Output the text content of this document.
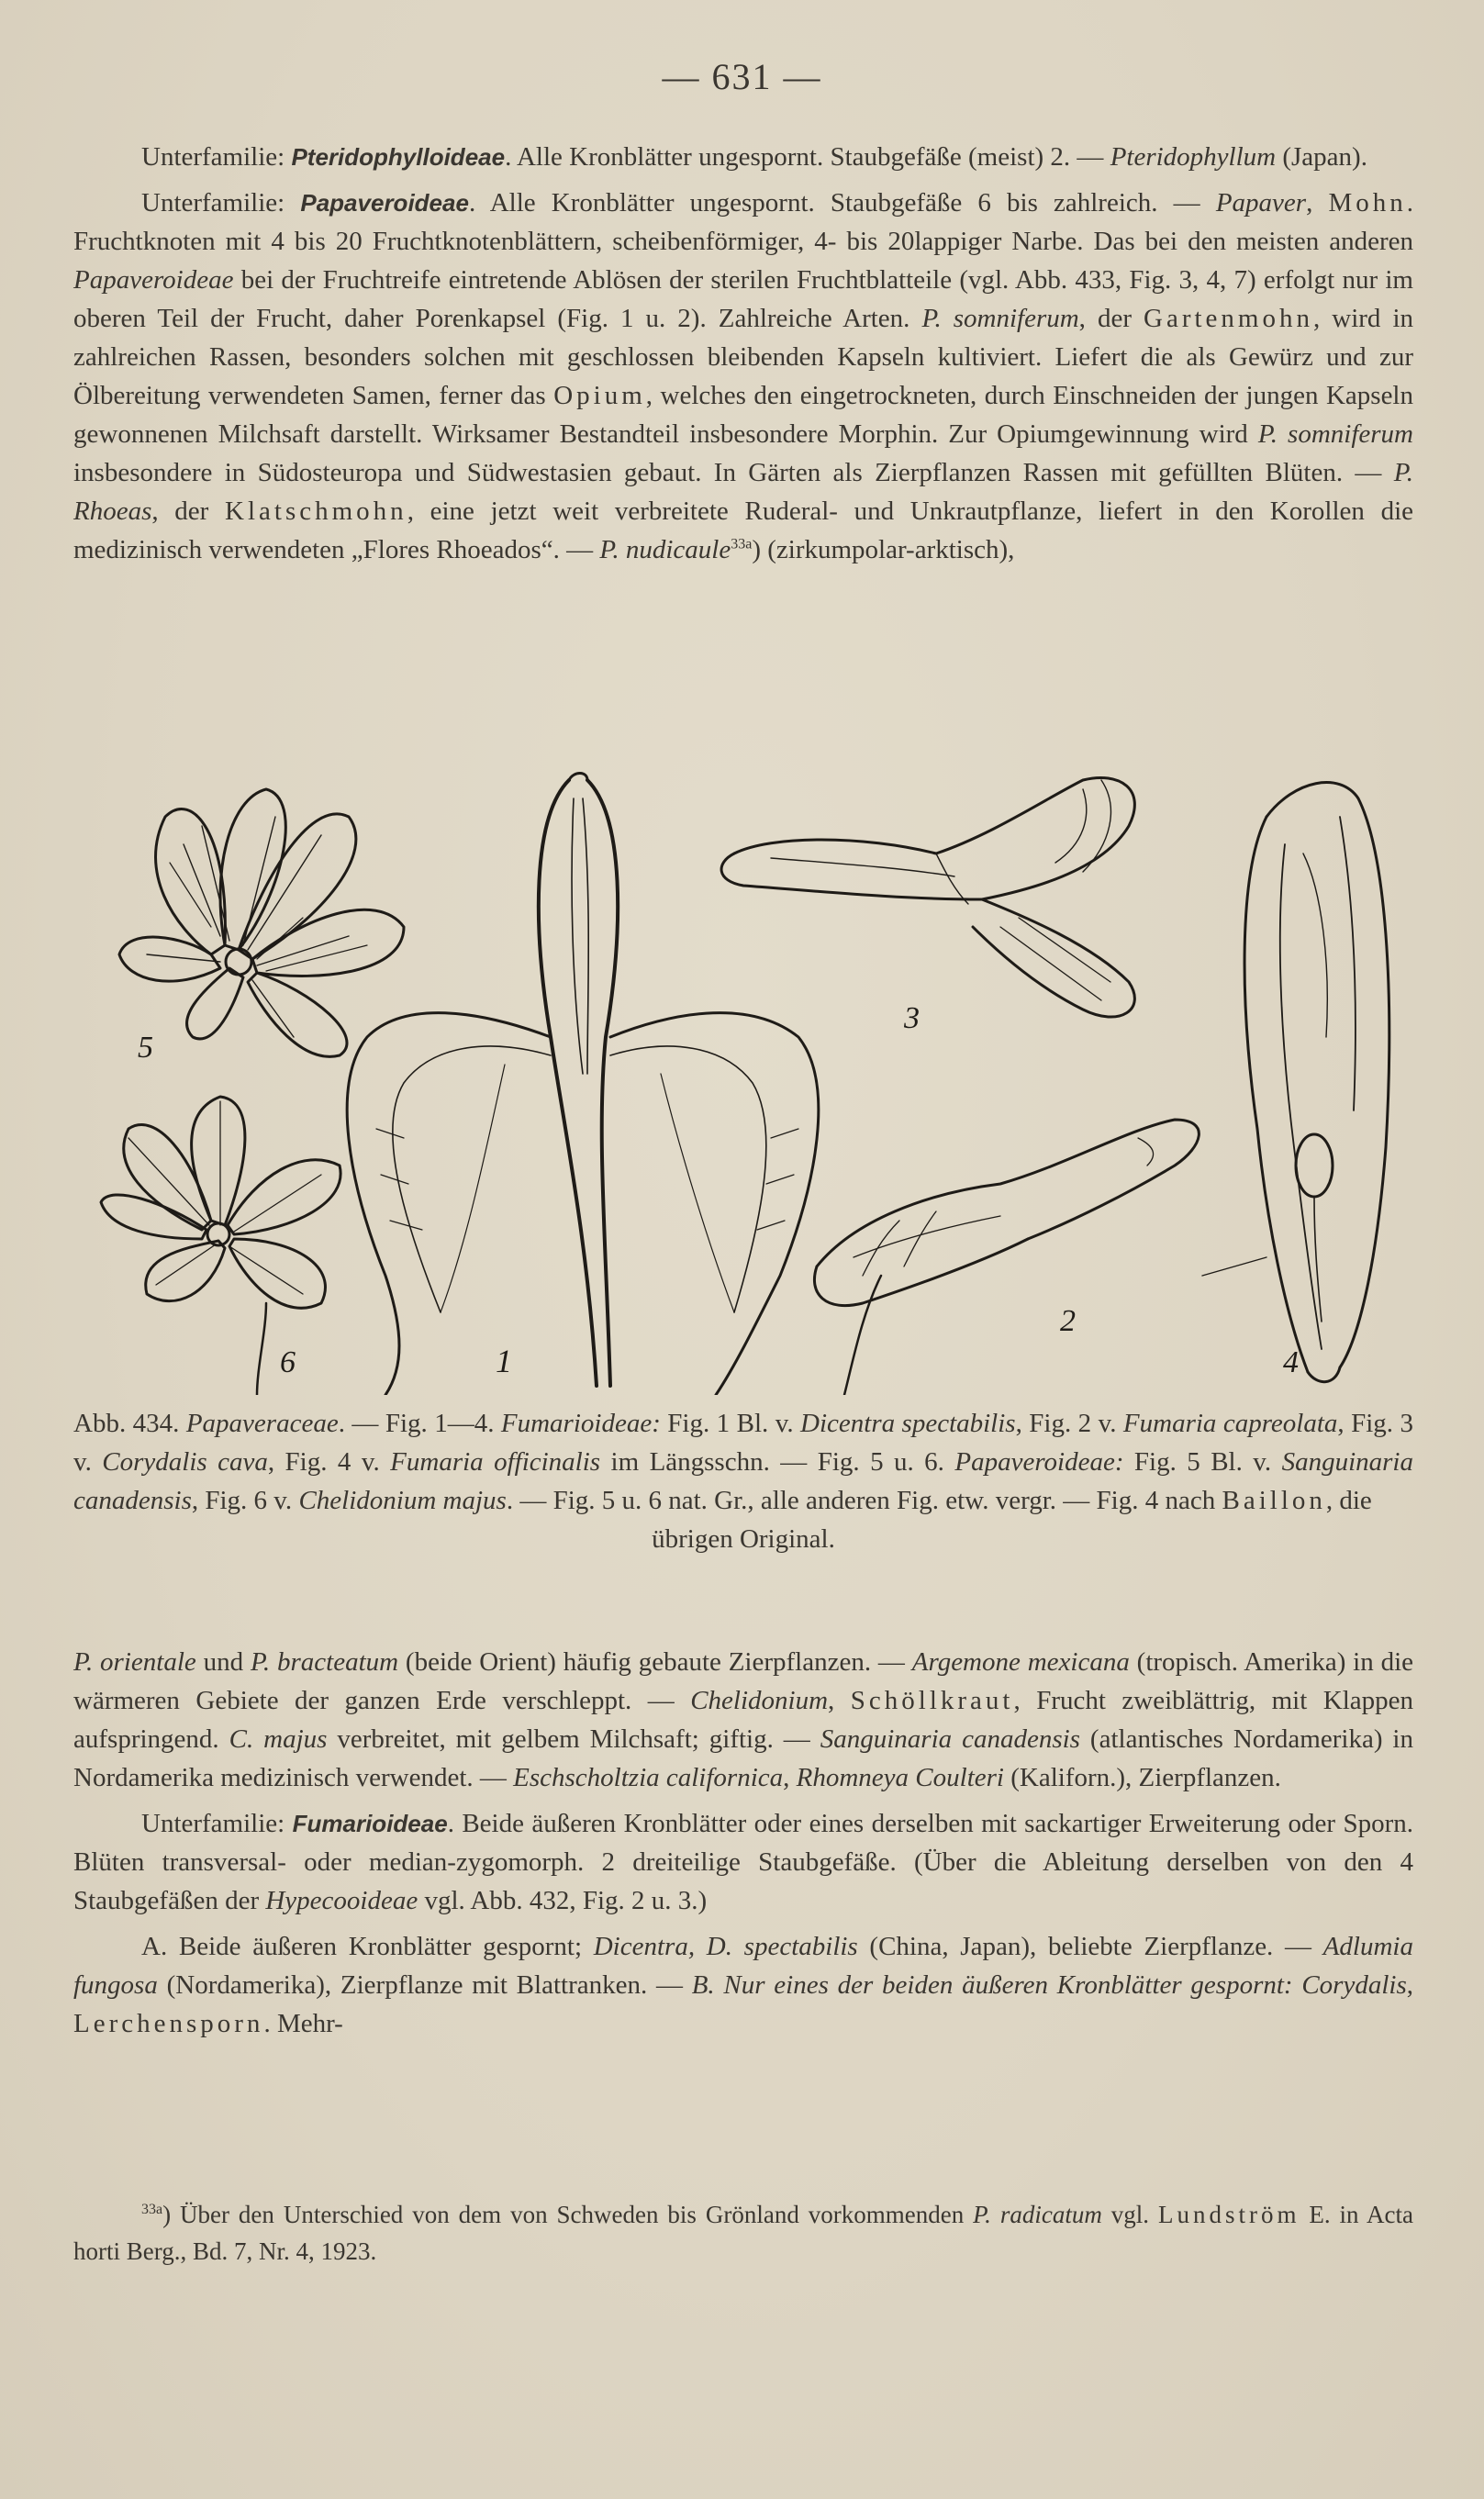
— 631 —

Unterfamilie: Pteridophylloideae. Alle Kronblätter ungespornt. Staubgefäße (meist) 2. — Pteridophyllum (Japan).

Unterfamilie: Papaveroideae. Alle Kronblätter ungespornt. Staubgefäße 6 bis zahlreich. — Papaver, Mohn. Fruchtknoten mit 4 bis 20 Fruchtknotenblättern, scheibenförmiger, 4- bis 20lappiger Narbe. Das bei den meisten anderen Papaveroideae bei der Fruchtreife eintretende Ablösen der sterilen Fruchtblatteile (vgl. Abb. 433, Fig. 3, 4, 7) erfolgt nur im oberen Teil der Frucht, daher Porenkapsel (Fig. 1 u. 2). Zahlreiche Arten. P. somniferum, der Gartenmohn, wird in zahlreichen Rassen, besonders solchen mit geschlossen bleibenden Kapseln kultiviert. Liefert die als Gewürz und zur Ölbereitung verwendeten Samen, ferner das Opium, welches den eingetrockneten, durch Einschneiden der jungen Kapseln gewonnenen Milchsaft darstellt. Wirksamer Bestandteil insbesondere Morphin. Zur Opiumgewinnung wird P. somniferum insbesondere in Südosteuropa und Südwestasien gebaut. In Gärten als Zierpflanzen Rassen mit gefüllten Blüten. — P. Rhoeas, der Klatschmohn, eine jetzt weit verbreitete Ruderal- und Unkrautpflanze, liefert in den Korollen die medizinisch verwendeten „Flores Rhoeados“. — P. nudicaule$^{33a}$) (zirkumpolar-arktisch),

5
6	1
3
2
4
Abb. 434. Papaveraceae. — Fig. 1—4. Fumarioideae: Fig. 1 Bl. v. Dicentra spectabilis, Fig. 2 v. Fumaria capreolata, Fig. 3 v. Corydalis cava, Fig. 4 v. Fumaria officinalis im Längsschn. — Fig. 5 u. 6. Papaveroideae: Fig. 5 Bl. v. Sanguinaria canadensis, Fig. 6 v. Chelidonium majus. — Fig. 5 u. 6 nat. Gr., alle anderen Fig. etw. vergr. — Fig. 4 nach Baillon, die
übrigen Original.

P. orientale und P. bracteatum (beide Orient) häufig gebaute Zierpflanzen. — Argemone mexicana (tropisch. Amerika) in die wärmeren Gebiete der ganzen Erde verschleppt. — Chelidonium, Schöllkraut, Frucht zweiblättrig, mit Klappen aufspringend. C. majus verbreitet, mit gelbem Milchsaft; giftig. — Sanguinaria canadensis (atlantisches Nordamerika) in Nordamerika medizinisch verwendet. — Eschscholtzia californica, Rhomneya Coulteri (Kaliforn.), Zierpflanzen.

Unterfamilie: Fumarioideae. Beide äußeren Kronblätter oder eines derselben mit sackartiger Erweiterung oder Sporn. Blüten transversal- oder median-zygomorph. 2 dreiteilige Staubgefäße. (Über die Ableitung derselben von den 4 Staubgefäßen der Hypecooideae vgl. Abb. 432, Fig. 2 u. 3.)

A. Beide äußeren Kronblätter gespornt; Dicentra, D. spectabilis (China, Japan), beliebte Zierpflanze. — Adlumia fungosa (Nordamerika), Zierpflanze mit Blattranken. — B. Nur eines der beiden äußeren Kronblätter gespornt: Corydalis, Lerchensporn. Mehr-

$^{33a}$) Über den Unterschied von dem von Schweden bis Grönland vorkommenden P. radicatum vgl. Lundström E. in Acta horti Berg., Bd. 7, Nr. 4, 1923.
